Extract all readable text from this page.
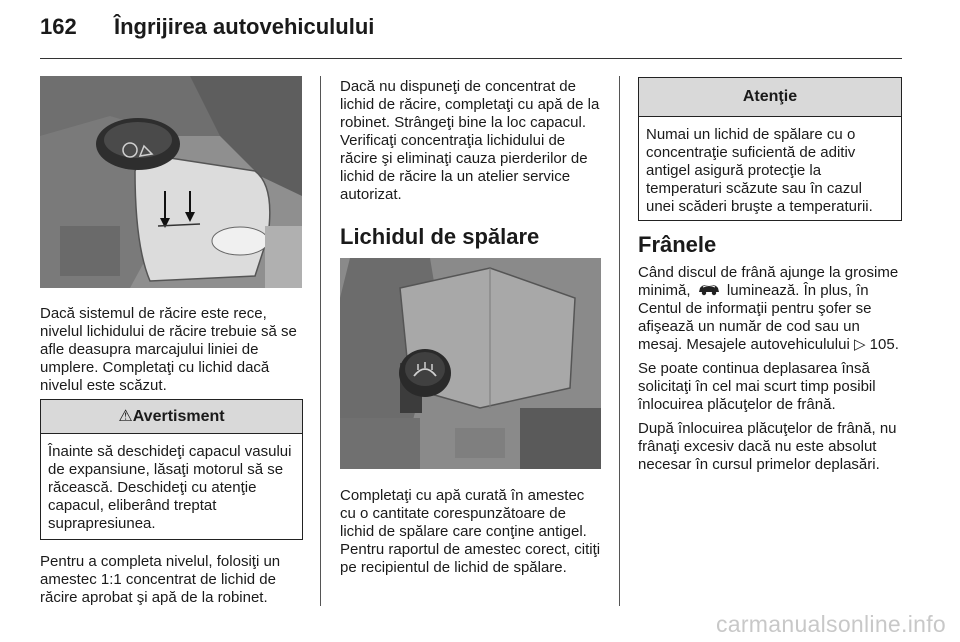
162 Îngrijirea autovehiculului

Dacă sistemul de răcire este rece, nivelul lichidului de răcire trebuie să se afle deasupra marcajului liniei de umplere. Completaţi cu lichid dacă nivelul este scăzut.

⚠Avertisment

Înainte să deschideţi capacul vasului de expansiune, lăsaţi motorul să se răcească. Deschideţi cu atenţie capacul, eliberând treptat suprapresiunea.

Pentru a completa nivelul, folosiţi un amestec 1:1 concentrat de lichid de răcire aprobat şi apă de la robinet.

Dacă nu dispuneţi de concentrat de lichid de răcire, completaţi cu apă de la robinet. Strângeţi bine la loc capacul. Verificaţi concentraţia lichidului de răcire şi eliminaţi cauza pierderilor de lichid de răcire la un atelier service autorizat.

Lichidul de spălare

Completaţi cu apă curată în amestec cu o cantitate corespunzătoare de lichid de spălare care conţine antigel. Pentru raportul de amestec corect, citiţi pe recipientul de lichid de spălare.

Atenţie

Numai un lichid de spălare cu o concentraţie suficientă de aditiv antigel asigură protecţie la temperaturi scăzute sau în cazul unei scăderi bruşte a temperaturii.

Frânele

Când discul de frână ajunge la grosime minimă, luminează. În plus, în Centul de informaţii pentru şofer se afişează un număr de cod sau un mesaj. Mesajele autovehiculului ▷ 105.

Se poate continua deplasarea însă solicitaţi în cel mai scurt timp posibil înlocuirea plăcuţelor de frână.

După înlocuirea plăcuţelor de frână, nu frânaţi excesiv dacă nu este absolut necesar în cursul primelor deplasări.

carmanualsonline.info
